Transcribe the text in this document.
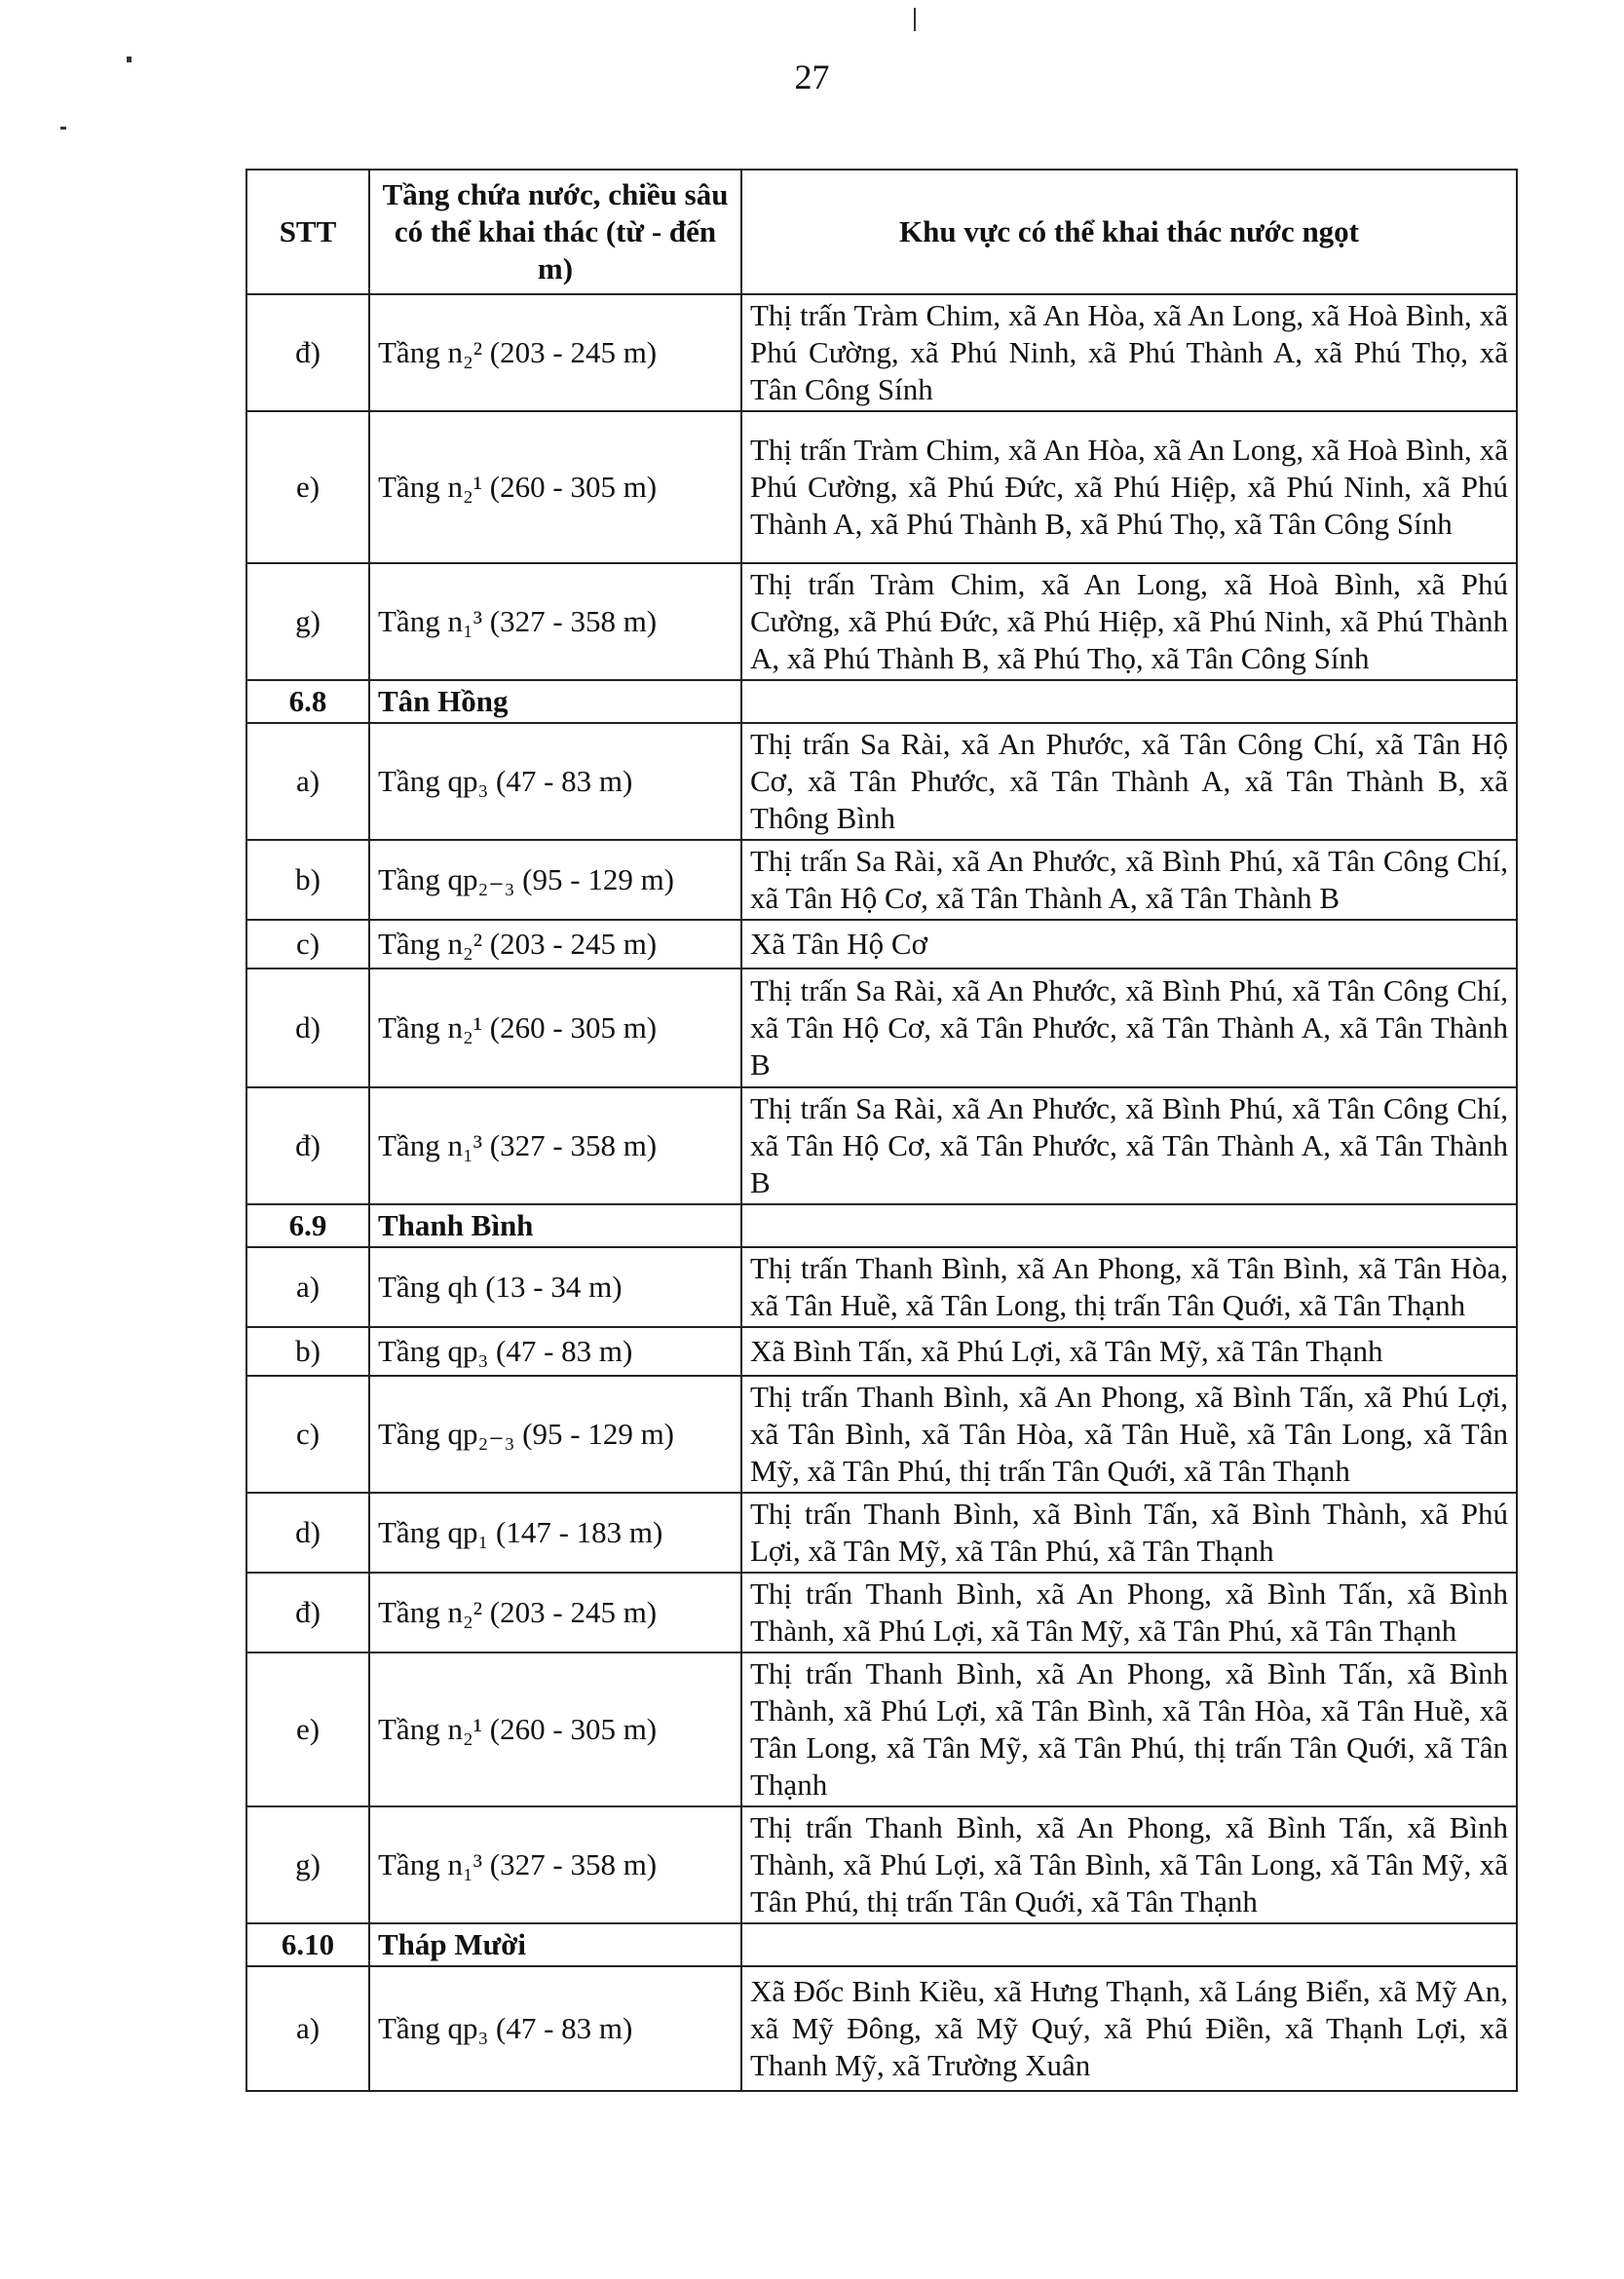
27
STT	Tầng chứa nước, chiều sâu có thể khai thác (từ - đến m)	Khu vực có thể khai thác nước ngọt
đ)	Tầng n₂² (203 - 245 m)	Thị trấn Tràm Chim, xã An Hòa, xã An Long, xã Hoà Bình, xã Phú Cường, xã Phú Ninh, xã Phú Thành A, xã Phú Thọ, xã Tân Công Sính
e)	Tầng n₂¹ (260 - 305 m)	Thị trấn Tràm Chim, xã An Hòa, xã An Long, xã Hoà Bình, xã Phú Cường, xã Phú Đức, xã Phú Hiệp, xã Phú Ninh, xã Phú Thành A, xã Phú Thành B, xã Phú Thọ, xã Tân Công Sính
g)	Tầng n₁³ (327 - 358 m)	Thị trấn Tràm Chim, xã An Long, xã Hoà Bình, xã Phú Cường, xã Phú Đức, xã Phú Hiệp, xã Phú Ninh, xã Phú Thành A, xã Phú Thành B, xã Phú Thọ, xã Tân Công Sính
6.8	Tân Hồng	
a)	Tầng qp₃ (47 - 83 m)	Thị trấn Sa Rài, xã An Phước, xã Tân Công Chí, xã Tân Hộ Cơ, xã Tân Phước, xã Tân Thành A, xã Tân Thành B, xã Thông Bình
b)	Tầng qp₂₋₃ (95 - 129 m)	Thị trấn Sa Rài, xã An Phước, xã Bình Phú, xã Tân Công Chí, xã Tân Hộ Cơ, xã Tân Thành A, xã Tân Thành B
c)	Tầng n₂² (203 - 245 m)	Xã Tân Hộ Cơ
d)	Tầng n₂¹ (260 - 305 m)	Thị trấn Sa Rài, xã An Phước, xã Bình Phú, xã Tân Công Chí, xã Tân Hộ Cơ, xã Tân Phước, xã Tân Thành A, xã Tân Thành B
đ)	Tầng n₁³ (327 - 358 m)	Thị trấn Sa Rài, xã An Phước, xã Bình Phú, xã Tân Công Chí, xã Tân Hộ Cơ, xã Tân Phước, xã Tân Thành A, xã Tân Thành B
6.9	Thanh Bình	
a)	Tầng qh (13 - 34 m)	Thị trấn Thanh Bình, xã An Phong, xã Tân Bình, xã Tân Hòa, xã Tân Huề, xã Tân Long, thị trấn Tân Quới, xã Tân Thạnh
b)	Tầng qp₃ (47 - 83 m)	Xã Bình Tấn, xã Phú Lợi, xã Tân Mỹ, xã Tân Thạnh
c)	Tầng qp₂₋₃ (95 - 129 m)	Thị trấn Thanh Bình, xã An Phong, xã Bình Tấn, xã Phú Lợi, xã Tân Bình, xã Tân Hòa, xã Tân Huề, xã Tân Long, xã Tân Mỹ, xã Tân Phú, thị trấn Tân Quới, xã Tân Thạnh
d)	Tầng qp₁ (147 - 183 m)	Thị trấn Thanh Bình, xã Bình Tấn, xã Bình Thành, xã Phú Lợi, xã Tân Mỹ, xã Tân Phú, xã Tân Thạnh
đ)	Tầng n₂² (203 - 245 m)	Thị trấn Thanh Bình, xã An Phong, xã Bình Tấn, xã Bình Thành, xã Phú Lợi, xã Tân Mỹ, xã Tân Phú, xã Tân Thạnh
e)	Tầng n₂¹ (260 - 305 m)	Thị trấn Thanh Bình, xã An Phong, xã Bình Tấn, xã Bình Thành, xã Phú Lợi, xã Tân Bình, xã Tân Hòa, xã Tân Huề, xã Tân Long, xã Tân Mỹ, xã Tân Phú, thị trấn Tân Quới, xã Tân Thạnh
g)	Tầng n₁³ (327 - 358 m)	Thị trấn Thanh Bình, xã An Phong, xã Bình Tấn, xã Bình Thành, xã Phú Lợi, xã Tân Bình, xã Tân Long, xã Tân Mỹ, xã Tân Phú, thị trấn Tân Quới, xã Tân Thạnh
6.10	Tháp Mười	
a)	Tầng qp₃ (47 - 83 m)	Xã Đốc Binh Kiều, xã Hưng Thạnh, xã Láng Biển, xã Mỹ An, xã Mỹ Đông, xã Mỹ Quý, xã Phú Điền, xã Thạnh Lợi, xã Thanh Mỹ, xã Trường Xuân
